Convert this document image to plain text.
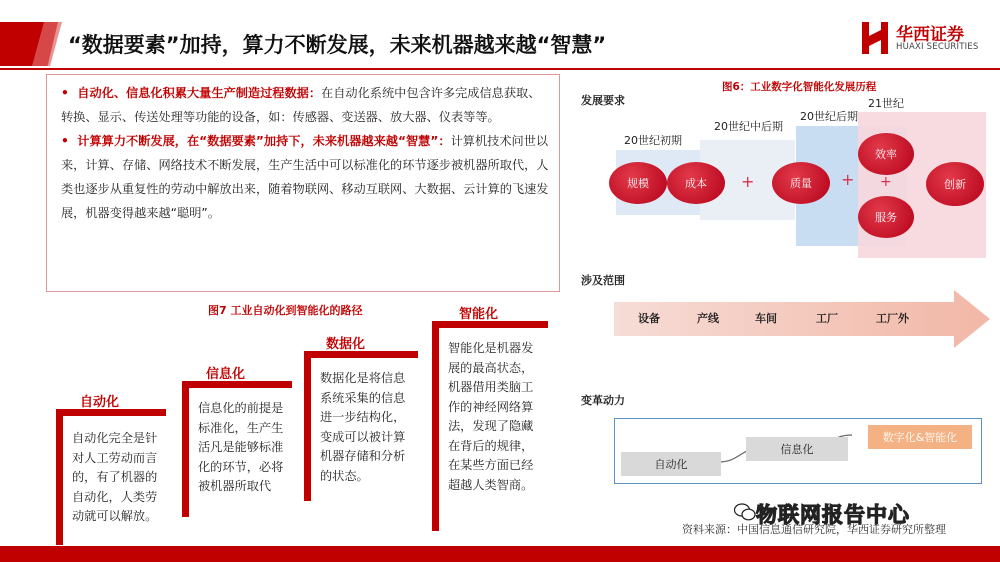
“数据要素”加持，算力不断发展，未来机器越来越“智慧”	华西证券
HUAXI SECURITIES

•  自动化、信息化积累大量生产制造过程数据：在自动化系统中包含许多完成信息获取、转换、显示、传送处理等功能的设备，如：传感器、变送器、放大器、仪表等等。

•  计算算力不断发展，在“数据要素”加持下，未来机器越来越“智慧”：计算机技术问世以来，计算、存储、网络技术不断发展，生产生活中可以标准化的环节逐步被机器所取代，人类也逐步从重复性的劳动中解放出来，随着物联网、移动互联网、大数据、云计算的飞速发展，机器变得越来越“聪明”。

图7 工业自动化到智能化的路径
自动化
自动化完全是针对人工劳动而言的，有了机器的自动化，人类劳动就可以解放。
信息化
信息化的前提是标准化，生产生活凡是能够标准化的环节，必将被机器所取代
数据化
数据化是将信息系统采集的信息进一步结构化，变成可以被计算机器存储和分析的状态。
智能化
智能化是机器发展的最高状态，机器借用类脑工作的神经网络算法，发现了隐藏在背后的规律，在某些方面已经超越人类智商。
图6：工业数字化智能化发展历程
发展要求
20世纪初期
20世纪中后期
20世纪后期
21世纪
规模	成本	+	质量	+
效率
+
服务
创新
涉及范围
设备	产线	车间	工厂	工厂外
变革动力
自动化
信息化
数字化&智能化
资料来源：中国信息通信研究院，华西证券研究所整理
物联网报告中心
